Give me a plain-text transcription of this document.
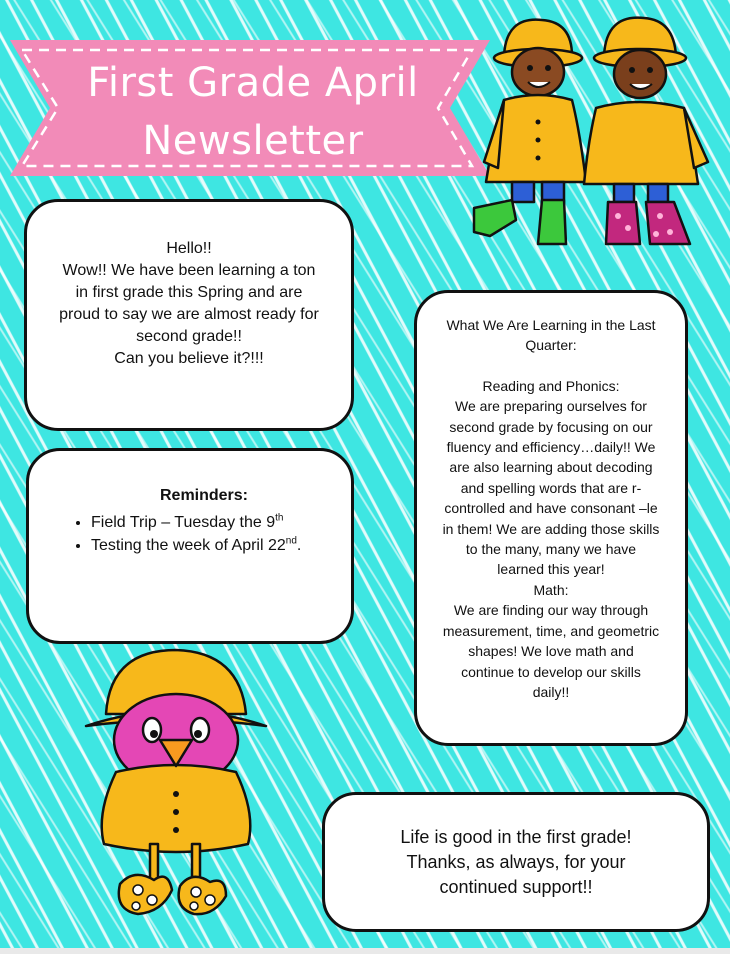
First Grade April
Newsletter
Hello!!
Wow!! We have been learning a ton in first grade this Spring and are proud to say we are almost ready for second grade!!
Can you believe it?!!!
Reminders:
• Field Trip – Tuesday the 9th
• Testing the week of April 22nd.
What We Are Learning in the Last Quarter:
Reading and Phonics:
We are preparing ourselves for second grade by focusing on our fluency and efficiency…daily!! We are also learning about decoding and spelling words that are r-controlled and have consonant –le in them! We are adding those skills to the many, many we have learned this year!
Math:
We are finding our way through measurement, time, and geometric shapes! We love math and continue to develop our skills daily!!
Life is good in the first grade!
Thanks, as always, for your continued support!!
